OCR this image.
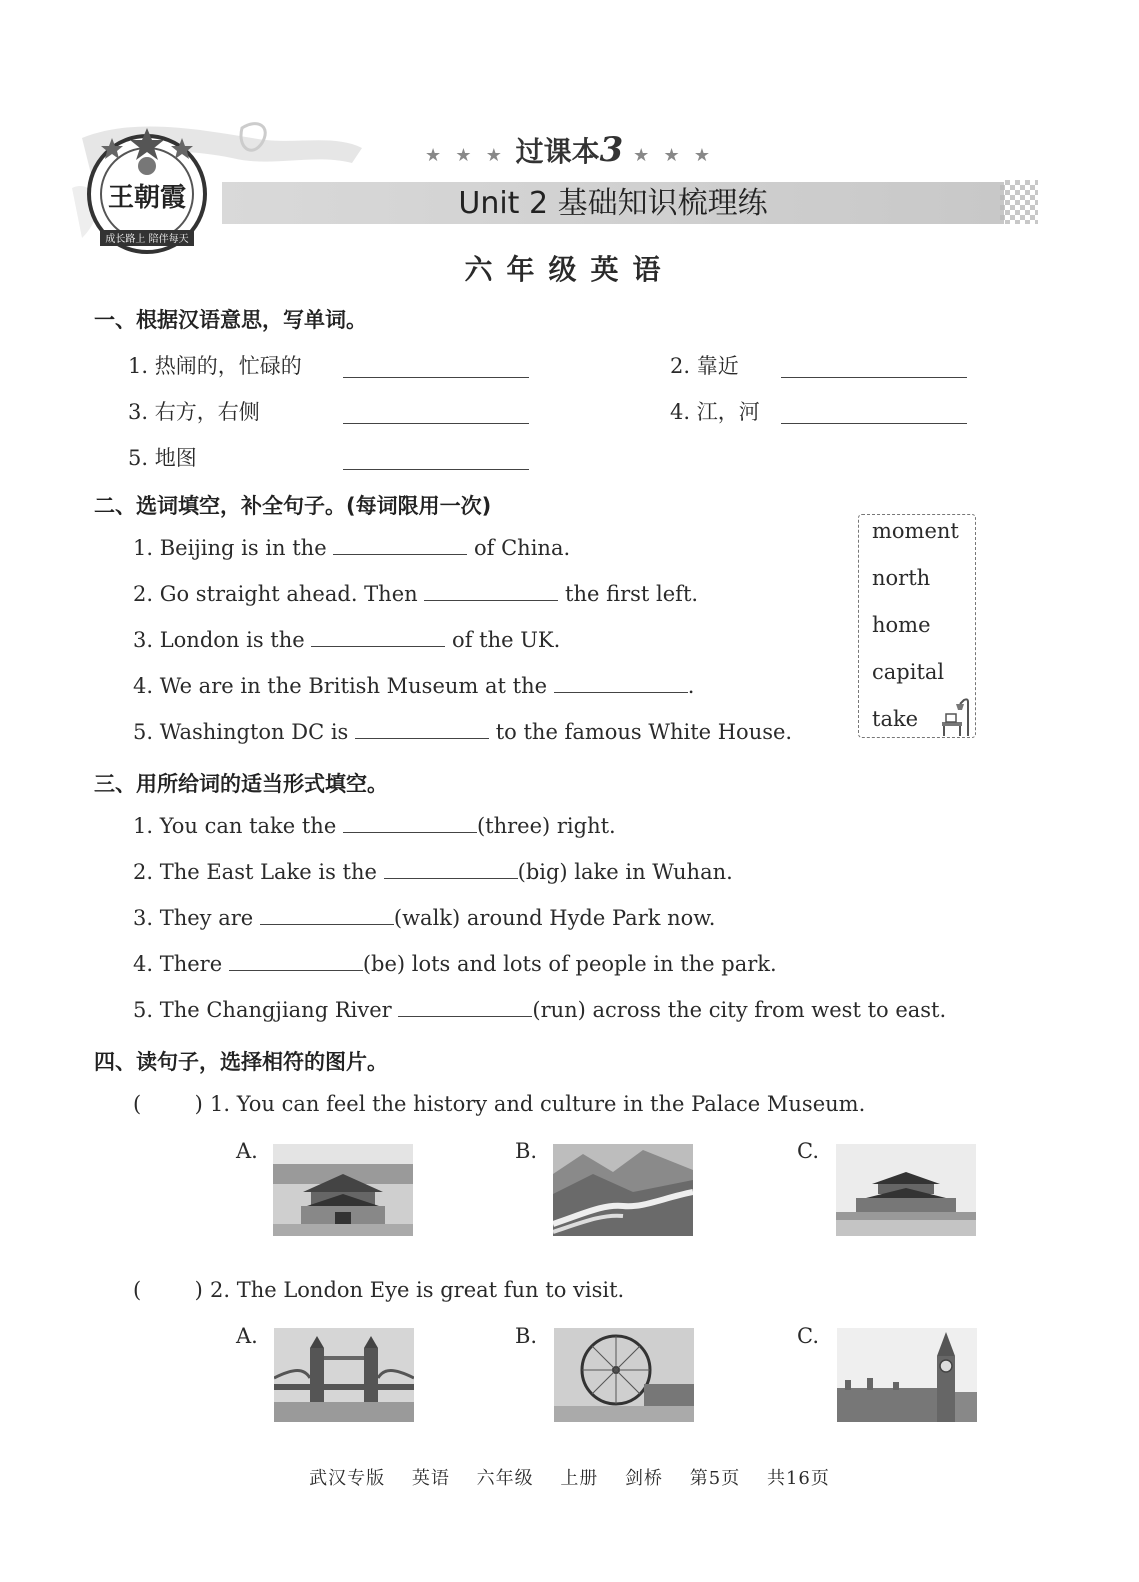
王朝霞
成长路上 陪伴每天
★ ★ ★ 过课本3 ★ ★ ★
Unit 2 基础知识梳理练
六年级英语
一、根据汉语意思，写单词。
1. 热闹的，忙碌的	2. 靠近
3. 右方，右侧	4. 江，河
5. 地图
二、选词填空，补全句子。(每词限用一次)
1. Beijing is in the	of China.
2. Go straight ahead. Then	the first left.
3. London is the	of the UK.
4. We are in the British Museum at the	.
5. Washington DC is	to the famous White House.
moment
north
home
capital
take
三、用所给词的适当形式填空。
1. You can take the	(three) right.
2. The East Lake is the	(big) lake in Wuhan.
3. They are	(walk) around Hyde Park now.
4. There	(be) lots and lots of people in the park.
5. The Changjiang River	(run) across the city from west to east.
四、读句子，选择相符的图片。
(        ) 1. You can feel the history and culture in the Palace Museum.
A.	B.	C.
(        ) 2. The London Eye is great fun to visit.
A.	B.	C.
武汉专版 英语 六年级 上册 剑桥 第5页 共16页
